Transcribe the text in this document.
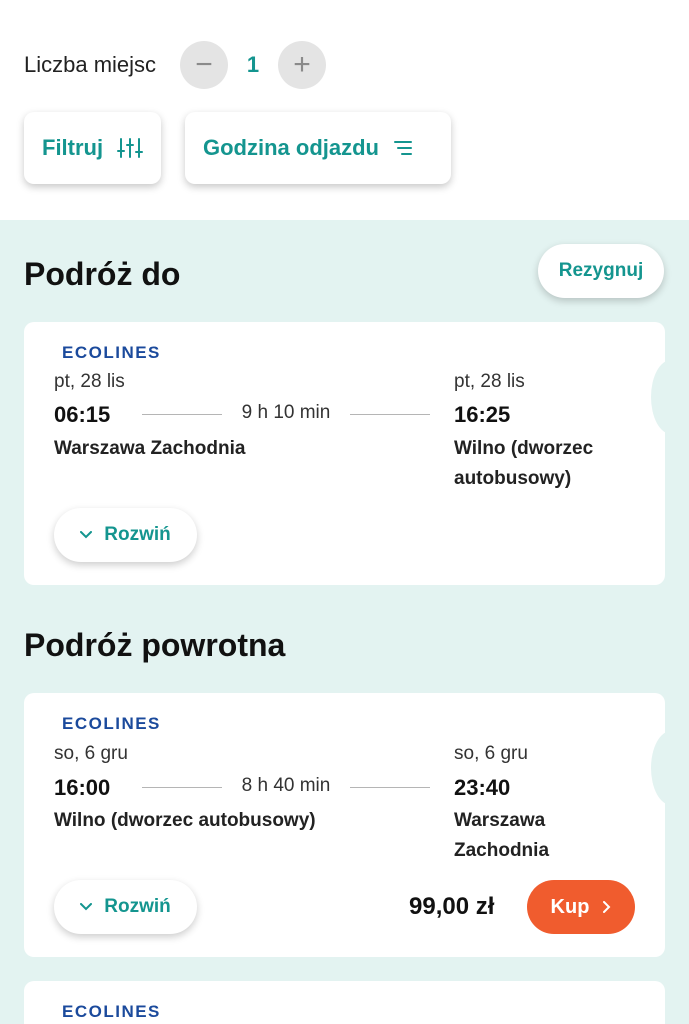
Liczba miejsc	−	1	+
Filtruj	Godzina odjazdu
Podróż do	Rezygnuj
ECOLINES
pt, 28 lis	pt, 28 lis
06:15	9 h 10 min	16:25
Warszawa Zachodnia	Wilno (dworzec autobusowy)
Rozwiń
Podróż powrotna
ECOLINES
so, 6 gru	so, 6 gru
16:00	8 h 40 min	23:40
Wilno (dworzec autobusowy)	Warszawa Zachodnia
Rozwiń	99,00 zł	Kup
ECOLINES
